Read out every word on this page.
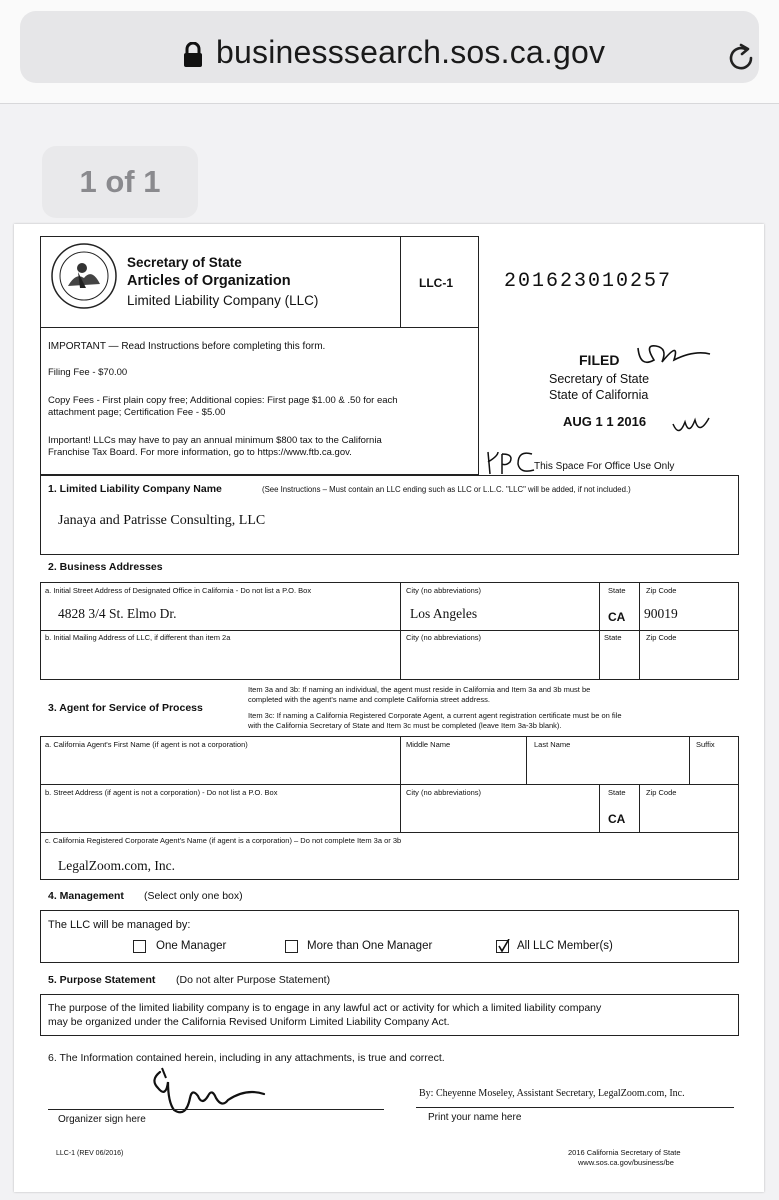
businesssearch.sos.ca.gov
1 of 1
Secretary of State
Articles of Organization
Limited Liability Company (LLC)
LLC-1	201623010257
IMPORTANT — Read Instructions before completing this form.
Filing Fee - $70.00
Copy Fees - First plain copy free; Additional copies: First page $1.00 & .50 for each
attachment page; Certification Fee - $5.00
Important! LLCs may have to pay an annual minimum $800 tax to the California
Franchise Tax Board. For more information, go to https://www.ftb.ca.gov.
FILED
Secretary of State
State of California
AUG 1 1 2016
This Space For Office Use Only
1. Limited Liability Company Name	(See Instructions – Must contain an LLC ending such as LLC or L.L.C. "LLC" will be added, if not included.)
Janaya and Patrisse Consulting, LLC
2. Business Addresses
a. Initial Street Address of Designated Office in California - Do not list a P.O. Box
4828 3/4 St. Elmo Dr.
City (no abbreviations)
Los Angeles
State
CA
Zip Code
90019
b. Initial Mailing Address of LLC, if different than item 2a	City (no abbreviations)	State	Zip Code
3. Agent for Service of Process
Item 3a and 3b: If naming an individual, the agent must reside in California and Item 3a and 3b must be
completed with the agent's name and complete California street address.
Item 3c: If naming a California Registered Corporate Agent, a current agent registration certificate must be on file
with the California Secretary of State and Item 3c must be completed (leave Item 3a-3b blank).
a. California Agent's First Name (if agent is not a corporation)	Middle Name	Last Name	Suffix
b. Street Address (if agent is not a corporation) - Do not list a P.O. Box	City (no abbreviations)	State
CA
Zip Code
c. California Registered Corporate Agent's Name (if agent is a corporation) – Do not complete Item 3a or 3b
LegalZoom.com, Inc.
4. Management (Select only one box)
The LLC will be managed by:
One Manager	More than One Manager	All LLC Member(s)
5. Purpose Statement (Do not alter Purpose Statement)
The purpose of the limited liability company is to engage in any lawful act or activity for which a limited liability company
may be organized under the California Revised Uniform Limited Liability Company Act.
6. The Information contained herein, including in any attachments, is true and correct.
Organizer sign here
By: Cheyenne Moseley, Assistant Secretary, LegalZoom.com, Inc.
Print your name here
LLC-1 (REV 06/2016)	2016 California Secretary of State
www.sos.ca.gov/business/be
